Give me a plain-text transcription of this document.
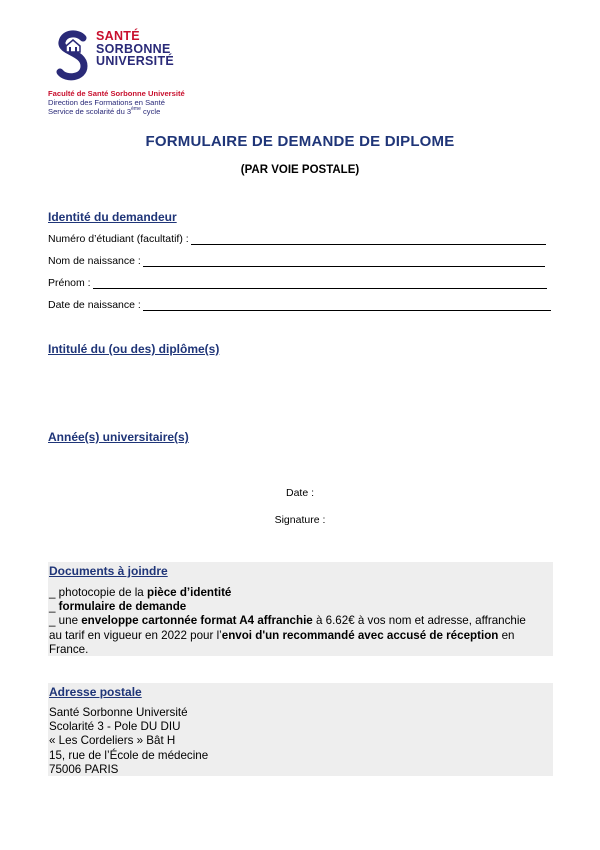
SANTÉ
SORBONNE
UNIVERSITÉ
Faculté de Santé Sorbonne Université
Direction des Formations en Santé
Service de scolarité du 3ème cycle
FORMULAIRE DE DEMANDE DE DIPLOME
(PAR VOIE POSTALE)
Identité du demandeur
Numéro d’étudiant (facultatif) :
Nom de naissance :
Prénom :
Date de naissance :
Intitulé du (ou des) diplôme(s)
Année(s) universitaire(s)
Date :
Signature :
Documents à joindre
_ photocopie de la pièce d’identité
_ formulaire de demande
_ une enveloppe cartonnée format A4 affranchie à 6.62€ à vos nom et adresse, affranchie
au tarif en vigueur en 2022 pour l’envoi d'un recommandé avec accusé de réception en
France.
Adresse postale
Santé Sorbonne Université
Scolarité 3 - Pole DU DIU
« Les Cordeliers » Bât H
15, rue de l’École de médecine
75006 PARIS
